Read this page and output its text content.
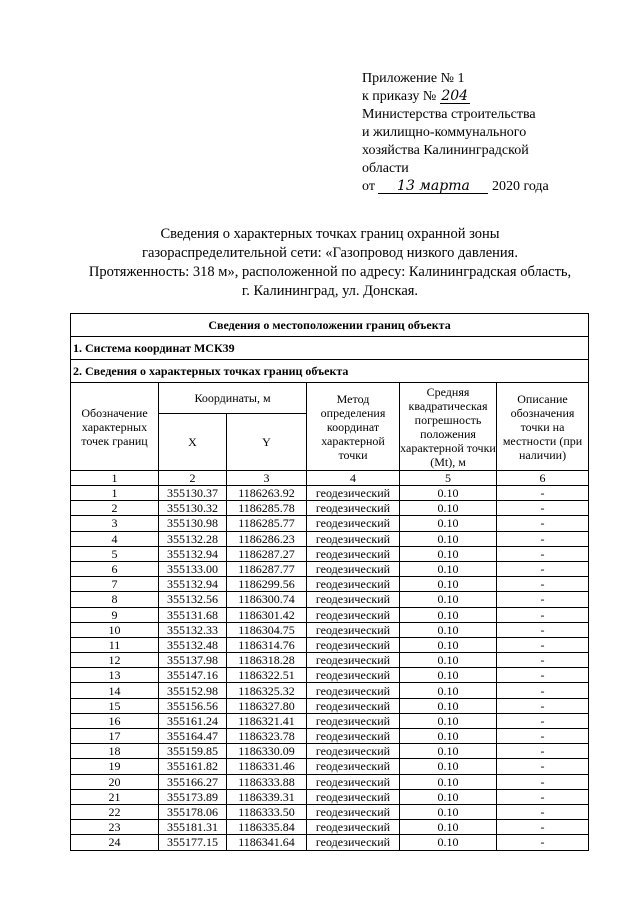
Приложение № 1
к приказу № 204
Министерства строительства
и жилищно-коммунального
хозяйства Калининградской
области
от 13 марта 2020 года
Сведения о характерных точках границ охранной зоны
газораспределительной сети: «Газопровод низкого давления.
Протяженность: 318 м», расположенной по адресу: Калининградская область,
г. Калининград, ул. Донская.
Сведения о местоположении границ объекта					
1. Система координат МСК39					
2. Сведения о характерных точках границ объекта					
Обозначение характерных точек границ	Координаты, м		Метод определения координат характерной точки	Средняя квадратическая погрешность положения характерной точки (Mt), м	Описание обозначения точки на местности (при наличии)
	X	Y			
1	2	3	4	5	6
1	355130.37	1186263.92	геодезический	0.10	-
2	355130.32	1186285.78	геодезический	0.10	-
3	355130.98	1186285.77	геодезический	0.10	-
4	355132.28	1186286.23	геодезический	0.10	-
5	355132.94	1186287.27	геодезический	0.10	-
6	355133.00	1186287.77	геодезический	0.10	-
7	355132.94	1186299.56	геодезический	0.10	-
8	355132.56	1186300.74	геодезический	0.10	-
9	355131.68	1186301.42	геодезический	0.10	-
10	355132.33	1186304.75	геодезический	0.10	-
11	355132.48	1186314.76	геодезический	0.10	-
12	355137.98	1186318.28	геодезический	0.10	-
13	355147.16	1186322.51	геодезический	0.10	-
14	355152.98	1186325.32	геодезический	0.10	-
15	355156.56	1186327.80	геодезический	0.10	-
16	355161.24	1186321.41	геодезический	0.10	-
17	355164.47	1186323.78	геодезический	0.10	-
18	355159.85	1186330.09	геодезический	0.10	-
19	355161.82	1186331.46	геодезический	0.10	-
20	355166.27	1186333.88	геодезический	0.10	-
21	355173.89	1186339.31	геодезический	0.10	-
22	355178.06	1186333.50	геодезический	0.10	-
23	355181.31	1186335.84	геодезический	0.10	-
24	355177.15	1186341.64	геодезический	0.10	-
